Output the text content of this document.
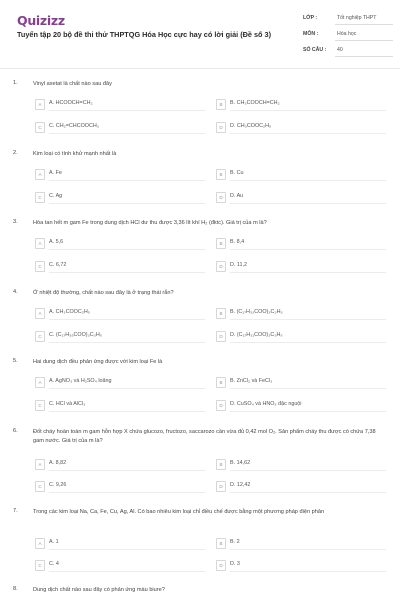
Quizizz
Tuyển tập 20 bộ đề thi thử THPTQG Hóa Học cực hay có lời giải (Đề số 3)
LỚP :	Tốt nghiệp THPT
MÔN :	Hóa học
SỐ CÂU : 40
1.	Vinyl axetat là chất nào sau đây
A	A. HCOOCH=CH₂	B	B. CH₃COOCH=CH₂
C	C. CH₂=CHCOOCH₃	D	D. CH₃COOC₂H₅
2.	Kim loại có tính khử mạnh nhất là
A	A. Fe	B	B. Cu
C	C. Ag	D	D. Au
3.	Hòa tan hết m gam Fe trong dung dịch HCl dư thu được 3,36 lít khí H₂ (đktc). Giá trị của m là?
A	A. 5,6	B	B. 8,4
C	C. 6,72	D	D. 11,2
4.	Ở nhiệt độ thường, chất nào sau đây là ở trạng thái rắn?
A	A. CH₃COOC₂H₅	B	B. (C₁₇H₃₃COO)₃C₃H₅
C	C. (C₁₇H₃₅COO)₃C₃H₅	D	D. (C₁₇H₃₁COO)₃C₃H₅
5.	Hai dung dịch đều phản ứng được với kim loại Fe là
A	A. AgNO₃ và H₂SO₄ loãng	B	B. ZnCl₂ và FeCl₃
C	C. HCl và AlCl₃	D	D. CuSO₄ và HNO₃ đặc nguội
6.	Đốt cháy hoàn toàn m gam hỗn hợp X chứa glucozo, fructozo, saccarozo cần vừa đủ 0,42 mol O₂. Sản phẩm cháy thu được có chứa 7,38 gam nước. Giá trị của m là?
A	A. 8,82	B	B. 14,62
C	C. 9,26	D	D. 12,42
7.	Trong các kim loại Na, Ca, Fe, Cu, Ag, Al. Có bao nhiêu kim loại chỉ điều chế được bằng một phương pháp điện phân
A	A. 1	B	B. 2
C	C. 4	D	D. 3
8.	Dung dịch chất nào sau đây có phản ứng màu biure?
